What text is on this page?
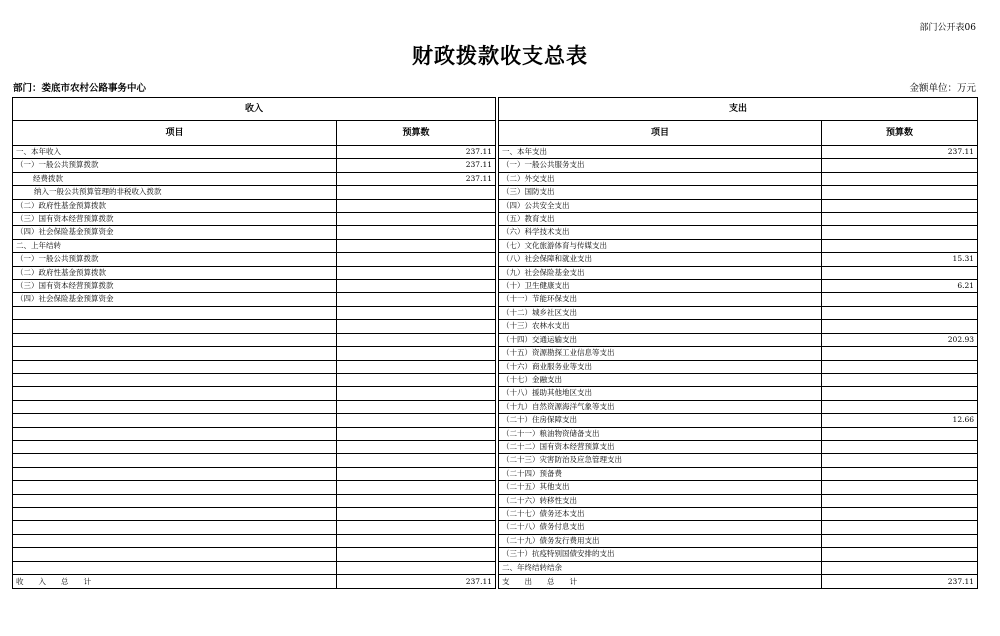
部门公开表06
财政拨款收支总表
部门：娄底市农村公路事务中心	金额单位：万元
收入			支出	
项目	预算数		项目	预算数
一、本年收入	237.11		一、本年支出	237.11
（一）一般公共预算拨款	237.11		（一）一般公共服务支出	
经费拨款	237.11		（二）外交支出	
纳入一般公共预算管理的非税收入拨款			（三）国防支出	
（二）政府性基金预算拨款			（四）公共安全支出	
（三）国有资本经营预算拨款			（五）教育支出	
（四）社会保险基金预算资金			（六）科学技术支出	
二、上年结转			（七）文化旅游体育与传媒支出	
（一）一般公共预算拨款			（八）社会保障和就业支出	15.31
（二）政府性基金预算拨款			（九）社会保险基金支出	
（三）国有资本经营预算拨款			（十）卫生健康支出	6.21
（四）社会保险基金预算资金			（十一）节能环保支出	
			（十二）城乡社区支出	
			（十三）农林水支出	
			（十四）交通运输支出	202.93
			（十五）资源勘探工业信息等支出	
			（十六）商业服务业等支出	
			（十七）金融支出	
			（十八）援助其他地区支出	
			（十九）自然资源海洋气象等支出	
			（二十）住房保障支出	12.66
			（二十一）粮油物资储备支出	
			（二十二）国有资本经营预算支出	
			（二十三）灾害防治及应急管理支出	
			（二十四）预备费	
			（二十五）其他支出	
			（二十六）转移性支出	
			（二十七）债务还本支出	
			（二十八）债务付息支出	
			（二十九）债务发行费用支出	
			（三十）抗疫特别国债安排的支出	
			二、年终结转结余	
收　　入　　总　　计	237.11		支　　出　　总　　计	237.11
